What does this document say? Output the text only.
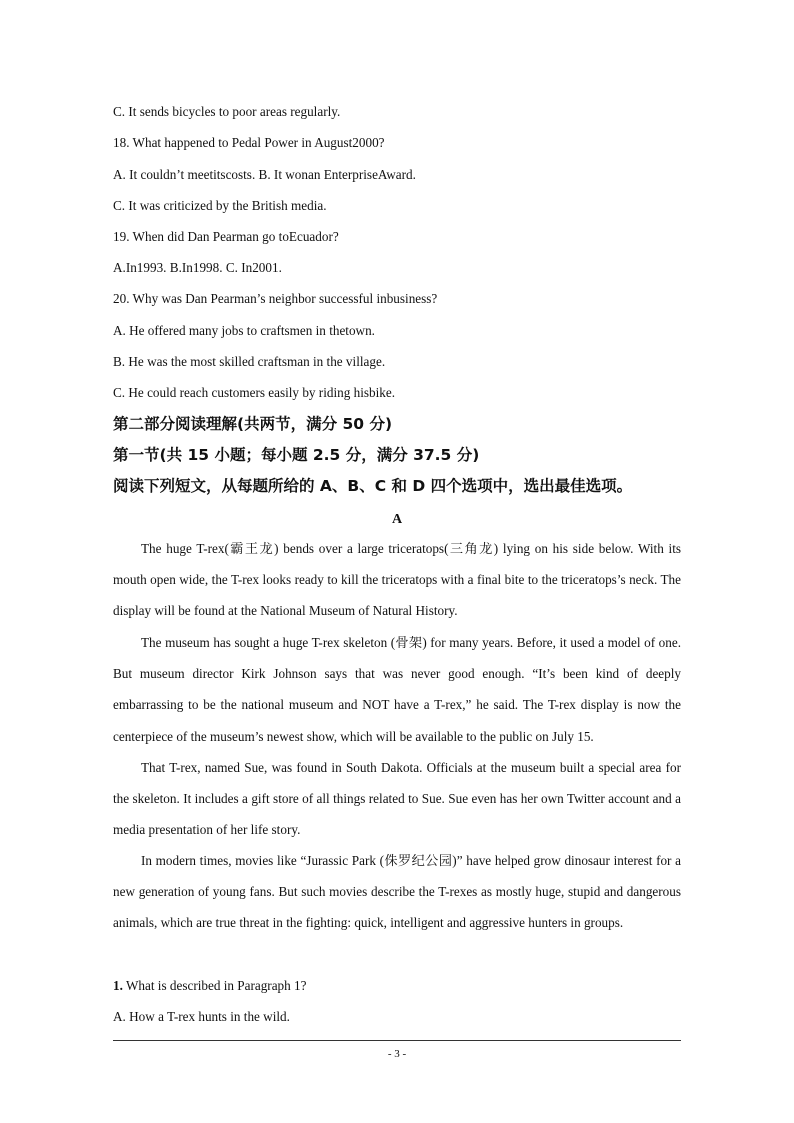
C. It sends bicycles to poor areas regularly.
18. What happened to Pedal Power in August2000?
A. It couldn’t meetitscosts. B. It wonan EnterpriseAward.
C. It was criticized by the British media.
19. When did Dan Pearman go toEcuador?
A.In1993. B.In1998. C. In2001.
20. Why was Dan Pearman’s neighbor successful inbusiness?
A. He offered many jobs to craftsmen in thetown.
B. He was the most skilled craftsman in the village.
C. He could reach customers easily by riding hisbike.
第二部分阅读理解(共两节，满分 50 分)
第一节(共 15 小题；每小题 2.5 分，满分 37.5 分)
阅读下列短文，从每题所给的 A、B、C 和 D 四个选项中，选出最佳选项。
A
The huge T-rex(霸王龙) bends over a large triceratops(三角龙) lying on his side below. With its mouth open wide, the T-rex looks ready to kill the triceratops with a final bite to the triceratops’s neck. The display will be found at the National Museum of Natural History.
The museum has sought a huge T-rex skeleton (骨架) for many years. Before, it used a model of one. But museum director Kirk Johnson says that was never good enough. “It’s been kind of deeply embarrassing to be the national museum and NOT have a T-rex,” he said. The T-rex display is now the centerpiece of the museum’s newest show, which will be available to the public on July 15.
That T-rex, named Sue, was found in South Dakota. Officials at the museum built a special area for the skeleton. It includes a gift store of all things related to Sue. Sue even has her own Twitter account and a media presentation of her life story.
In modern times, movies like “Jurassic Park (侏罗纪公园)” have helped grow dinosaur interest for a new generation of young fans. But such movies describe the T-rexes as mostly huge, stupid and dangerous animals, which are true threat in the fighting: quick, intelligent and aggressive hunters in groups.
1. What is described in Paragraph 1?
A. How a T-rex hunts in the wild.
- 3 -
